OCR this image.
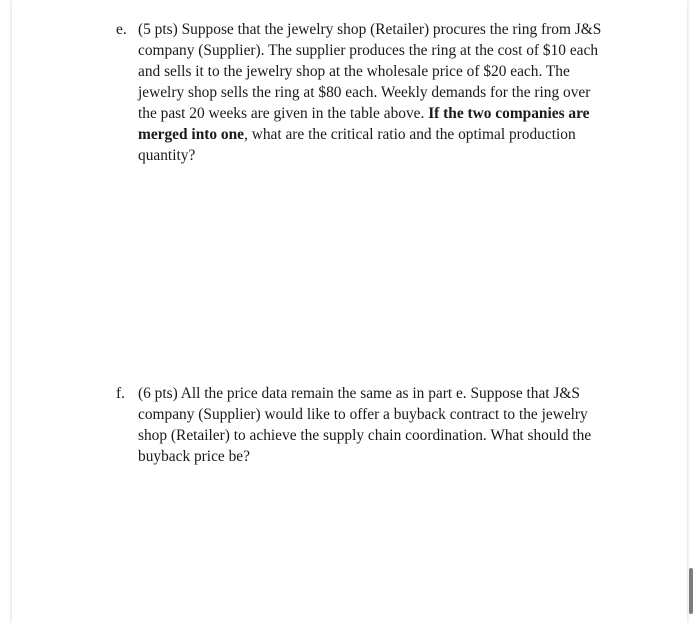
e. (5 pts) Suppose that the jewelry shop (Retailer) procures the ring from J&S
company (Supplier). The supplier produces the ring at the cost of $10 each
and sells it to the jewelry shop at the wholesale price of $20 each. The
jewelry shop sells the ring at $80 each. Weekly demands for the ring over
the past 20 weeks are given in the table above. If the two companies are
merged into one, what are the critical ratio and the optimal production
quantity?
f. (6 pts) All the price data remain the same as in part e. Suppose that J&S
company (Supplier) would like to offer a buyback contract to the jewelry
shop (Retailer) to achieve the supply chain coordination. What should the
buyback price be?
